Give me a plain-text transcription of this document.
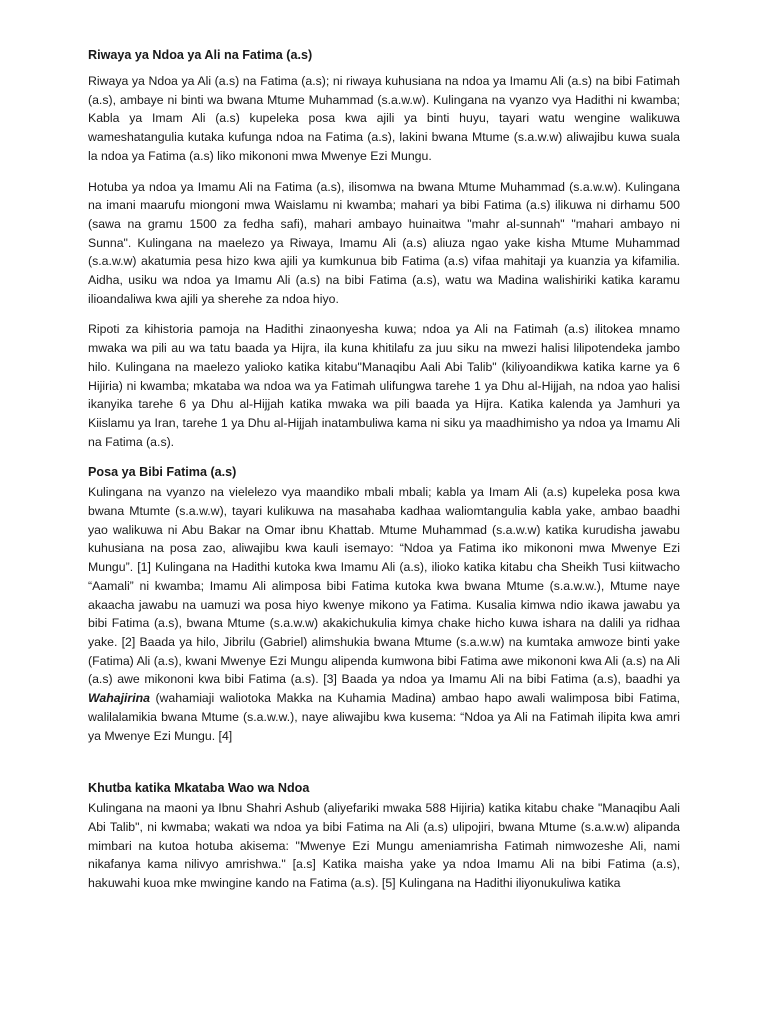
Riwaya ya Ndoa ya Ali na Fatima (a.s)

Riwaya ya Ndoa ya Ali (a.s) na Fatima (a.s); ni riwaya kuhusiana na ndoa ya Imamu Ali (a.s) na bibi Fatimah (a.s), ambaye ni binti wa bwana Mtume Muhammad (s.a.w.w). Kulingana na vyanzo vya Hadithi ni kwamba; Kabla ya Imam Ali (a.s) kupeleka posa kwa ajili ya binti huyu, tayari watu wengine walikuwa wameshatangulia kutaka kufunga ndoa na Fatima (a.s), lakini bwana Mtume (s.a.w.w) aliwajibu kuwa suala la ndoa ya Fatima (a.s) liko mikononi mwa Mwenye Ezi Mungu.

Hotuba ya ndoa ya Imamu Ali na Fatima (a.s), ilisomwa na bwana Mtume Muhammad (s.a.w.w). Kulingana na imani maarufu miongoni mwa Waislamu ni kwamba; mahari ya bibi Fatima (a.s) ilikuwa ni dirhamu 500 (sawa na gramu 1500 za fedha safi), mahari ambayo huinaitwa "mahr al-sunnah" "mahari ambayo ni Sunna". Kulingana na maelezo ya Riwaya, Imamu Ali (a.s) aliuza ngao yake kisha Mtume Muhammad (s.a.w.w) akatumia pesa hizo kwa ajili ya kumkunua bib Fatima (a.s) vifaa mahitaji ya kuanzia ya kifamilia. Aidha, usiku wa ndoa ya Imamu Ali (a.s) na bibi Fatima (a.s), watu wa Madina walishiriki katika karamu ilioandaliwa kwa ajili ya sherehe za ndoa hiyo.

Ripoti za kihistoria pamoja na Hadithi zinaonyesha kuwa; ndoa ya Ali na Fatimah (a.s) ilitokea mnamo mwaka wa pili au wa tatu baada ya Hijra, ila kuna khitilafu za juu siku na mwezi halisi lilipotendeka jambo hilo. Kulingana na maelezo yalioko katika kitabu"Manaqibu Aali Abi Talib" (kiliyoandikwa katika karne ya 6 Hijiria) ni kwamba; mkataba wa ndoa wa ya Fatimah ulifungwa tarehe 1 ya Dhu al-Hijjah, na ndoa yao halisi ikanyika tarehe 6 ya Dhu al-Hijjah katika mwaka wa pili baada ya Hijra. Katika kalenda ya Jamhuri ya Kiislamu ya Iran, tarehe 1 ya Dhu al-Hijjah inatambuliwa kama ni siku ya maadhimisho ya ndoa ya Imamu Ali na Fatima (a.s).

Posa ya Bibi Fatima (a.s)

Kulingana na vyanzo na vielelezo vya maandiko mbali mbali; kabla ya Imam Ali (a.s) kupeleka posa kwa bwana Mtumte (s.a.w.w), tayari kulikuwa na masahaba kadhaa waliomtangulia kabla yake, ambao baadhi yao walikuwa ni Abu Bakar na Omar ibnu Khattab. Mtume Muhammad (s.a.w.w) katika kurudisha jawabu kuhusiana na posa zao, aliwajibu kwa kauli isemayo: “Ndoa ya Fatima iko mikononi mwa Mwenye Ezi Mungu”. [1] Kulingana na Hadithi kutoka kwa Imamu Ali (a.s), ilioko katika kitabu cha Sheikh Tusi kiitwacho “Aamali” ni kwamba; Imamu Ali alimposa bibi Fatima kutoka kwa bwana Mtume (s.a.w.w.), Mtume naye akaacha jawabu na uamuzi wa posa hiyo kwenye mikono ya Fatima. Kusalia kimwa ndio ikawa jawabu ya bibi Fatima (a.s), bwana Mtume (s.a.w.w) akakichukulia kimya chake hicho kuwa ishara na dalili ya ridhaa yake. [2] Baada ya hilo, Jibrilu (Gabriel) alimshukia bwana Mtume (s.a.w.w) na kumtaka amwoze binti yake (Fatima) Ali (a.s), kwani Mwenye Ezi Mungu alipenda kumwona bibi Fatima awe mikononi kwa Ali (a.s) na Ali (a.s) awe mikononi kwa bibi Fatima (a.s). [3] Baada ya ndoa ya Imamu Ali na bibi Fatima (a.s), baadhi ya Wahajirina (wahamiaji waliotoka Makka na Kuhamia Madina) ambao hapo awali walimposa bibi Fatima, walilalamikia bwana Mtume (s.a.w.w.), naye aliwajibu kwa kusema: “Ndoa ya Ali na Fatimah ilipita kwa amri ya Mwenye Ezi Mungu. [4]

Khutba katika Mkataba Wao wa Ndoa

Kulingana na maoni ya Ibnu Shahri Ashub (aliyefariki mwaka 588 Hijiria) katika kitabu chake "Manaqibu Aali Abi Talib", ni kwmaba; wakati wa ndoa ya bibi Fatima na Ali (a.s) ulipojiri, bwana Mtume (s.a.w.w) alipanda mimbari na kutoa hotuba akisema: "Mwenye Ezi Mungu ameniamrisha Fatimah nimwozeshe Ali, nami nikafanya kama nilivyo amrishwa." [a.s] Katika maisha yake ya ndoa Imamu Ali na bibi Fatima (a.s), hakuwahi kuoa mke mwingine kando na Fatima (a.s). [5] Kulingana na Hadithi iliyonukuliwa katika
